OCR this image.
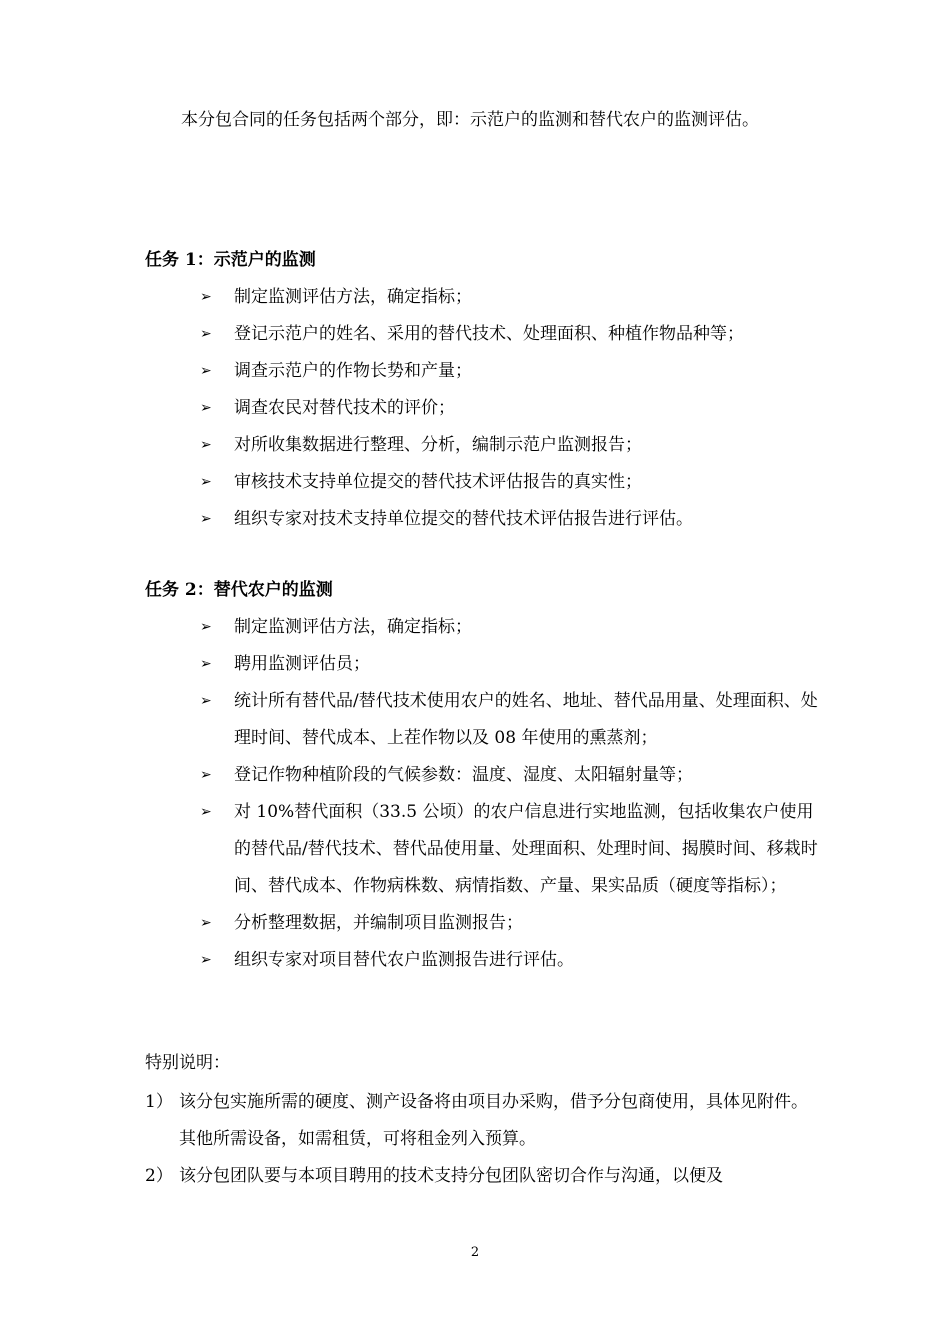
本分包合同的任务包括两个部分，即：示范户的监测和替代农户的监测评估。

任务 1：示范户的监测
➢	制定监测评估方法，确定指标；
➢	登记示范户的姓名、采用的替代技术、处理面积、种植作物品种等；
➢	调查示范户的作物长势和产量；
➢	调查农民对替代技术的评价；
➢	对所收集数据进行整理、分析，编制示范户监测报告；
➢	审核技术支持单位提交的替代技术评估报告的真实性；
➢	组织专家对技术支持单位提交的替代技术评估报告进行评估。
任务 2：替代农户的监测
➢	制定监测评估方法，确定指标；
➢	聘用监测评估员；
➢	统计所有替代品/替代技术使用农户的姓名、地址、替代品用量、处理面积、处理时间、替代成本、上茬作物以及 08 年使用的熏蒸剂；
➢	登记作物种植阶段的气候参数：温度、湿度、太阳辐射量等；
➢	对 10%替代面积（33.5 公顷）的农户信息进行实地监测，包括收集农户使用的替代品/替代技术、替代品使用量、处理面积、处理时间、揭膜时间、移栽时间、替代成本、作物病株数、病情指数、产量、果实品质（硬度等指标）；
➢	分析整理数据，并编制项目监测报告；
➢	组织专家对项目替代农户监测报告进行评估。
特别说明：
1） 该分包实施所需的硬度、测产设备将由项目办采购，借予分包商使用，具体见附件。其他所需设备，如需租赁，可将租金列入预算。
2） 该分包团队要与本项目聘用的技术支持分包团队密切合作与沟通，以便及
2
